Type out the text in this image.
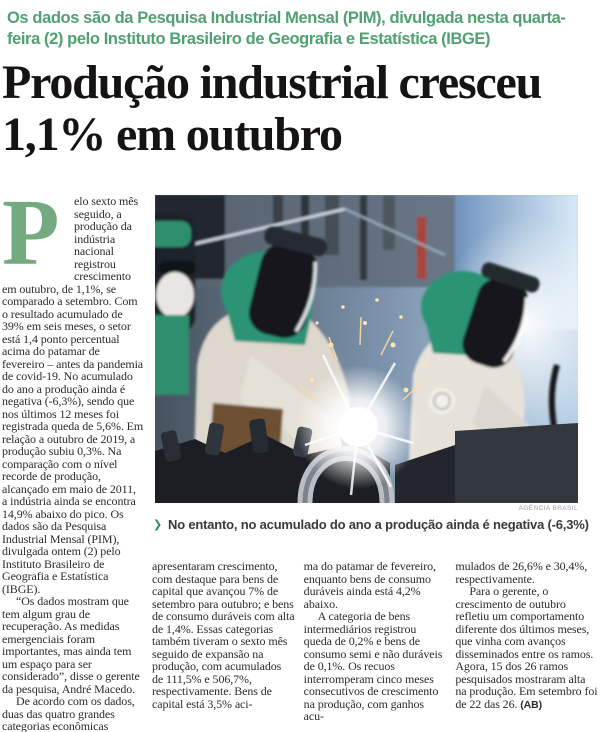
Os dados são da Pesquisa Industrial Mensal (PIM), divulgada nesta quarta-feira (2) pelo Instituto Brasileiro de Geografia e Estatística (IBGE)
Produção industrial cresceu 1,1% em outubro

P	elo sexto mês seguido, a produção da indústria nacional registrou crescimento em outubro, de 1,1%, se comparado a setembro. Com o resultado acumulado de 39% em seis meses, o setor está 1,4 ponto percentual acima do patamar de fevereiro – antes da pandemia de covid-19. No acumulado do ano a produção ainda é negativa (-6,3%), sendo que nos últimos 12 meses foi registrada queda de 5,6%. Em relação a outubro de 2019, a produção subiu 0,3%. Na comparação com o nível recorde de produção, alcançado em maio de 2011, a indústria ainda se encontra 14,9% abaixo do pico. Os dados são da Pesquisa Industrial Mensal (PIM), divulgada ontem (2) pelo Instituto Brasileiro de Geografia e Estatística (IBGE).

“Os dados mostram que tem algum grau de recuperação. As medidas emergenciais foram importantes, mas ainda tem um espaço para ser considerado”, disse o gerente da pesquisa, André Macedo.

De acordo com os dados, duas das quatro grandes categorias econômicas

AGÊNCIA BRASIL
❯ No entanto, no acumulado do ano a produção ainda é negativa (-6,3%)

apresentaram crescimento, com destaque para bens de capital que avançou 7% de setembro para outubro; e bens de consumo duráveis com alta de 1,4%. Essas categorias também tiveram o sexto mês seguido de expansão na produção, com acumulados de 111,5% e 506,7%, respectivamente. Bens de capital está 3,5% aci-

ma do patamar de fevereiro, enquanto bens de consumo duráveis ainda está 4,2% abaixo.

A categoria de bens intermediários registrou queda de 0,2% e bens de consumo semi e não duráveis de 0,1%. Os recuos interromperam cinco meses consecutivos de crescimento na produção, com ganhos acu-

mulados de 26,6% e 30,4%, respectivamente.

Para o gerente, o crescimento de outubro refletiu um comportamento diferente dos últimos meses, que vinha com avanços disseminados entre os ramos. Agora, 15 dos 26 ramos pesquisados mostraram alta na produção. Em setembro foi de 22 das 26. (AB)
